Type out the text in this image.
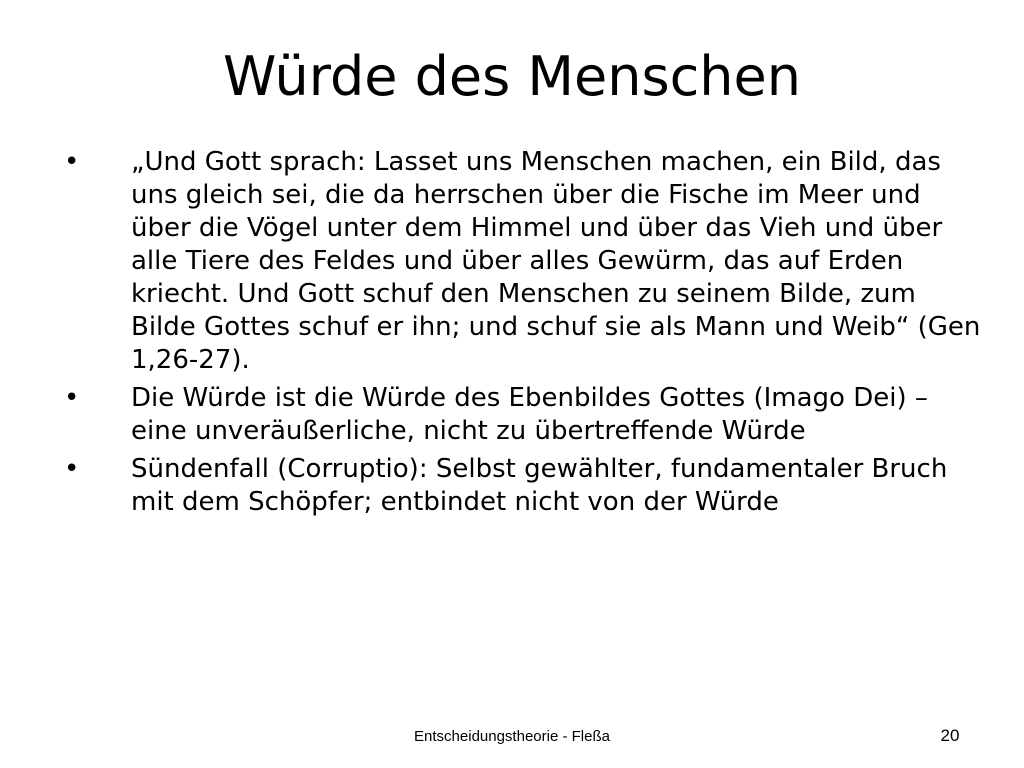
Würde des Menschen
• „Und Gott sprach: Lasset uns Menschen machen, ein Bild, das uns gleich sei, die da herrschen über die Fische im Meer und über die Vögel unter dem Himmel und über das Vieh und über alle Tiere des Feldes und über alles Gewürm, das auf Erden kriecht. Und Gott schuf den Menschen zu seinem Bilde, zum Bilde Gottes schuf er ihn; und schuf sie als Mann und Weib“ (Gen 1,26-27).
• Die Würde ist die Würde des Ebenbildes Gottes (Imago Dei) – eine unveräußerliche, nicht zu übertreffende Würde
• Sündenfall (Corruptio): Selbst gewählter, fundamentaler Bruch mit dem Schöpfer; entbindet nicht von der Würde
Entscheidungstheorie - Fleßa	20
